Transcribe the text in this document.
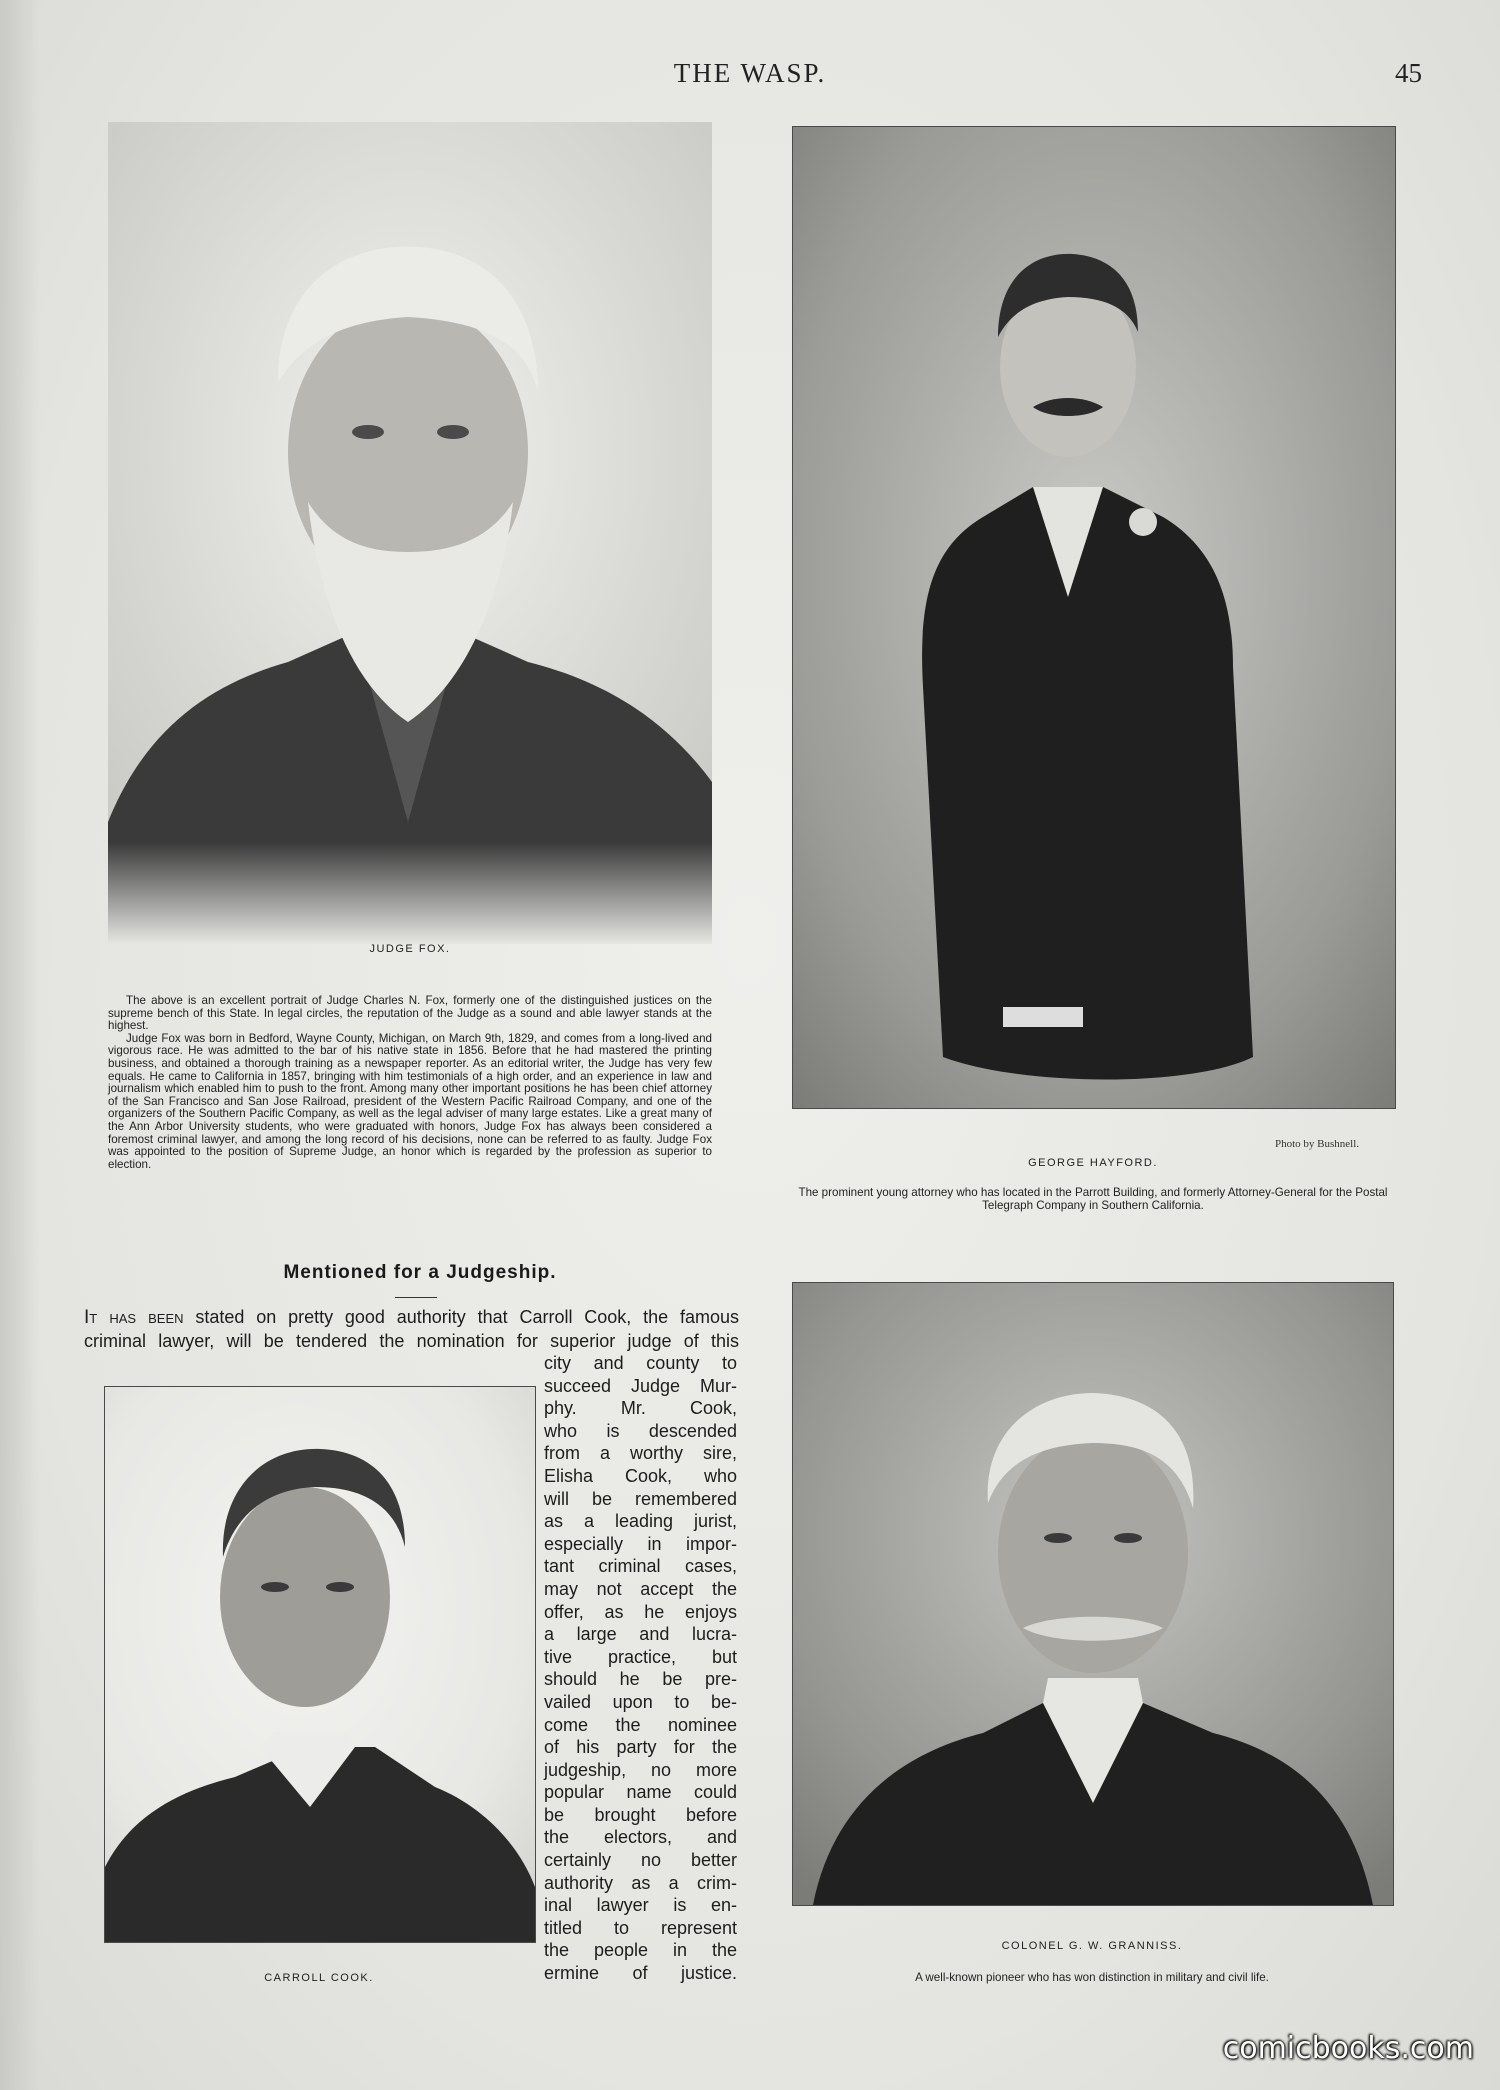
THE WASP.	45
JUDGE FOX.

The above is an excellent portrait of Judge Charles N. Fox, formerly one of the distinguished justices on the supreme bench of this State. In legal circles, the reputation of the Judge as a sound and able lawyer stands at the highest.

Judge Fox was born in Bedford, Wayne County, Michigan, on March 9th, 1829, and comes from a long-lived and vigorous race. He was admitted to the bar of his native state in 1856. Before that he had mastered the printing business, and obtained a thorough training as a newspaper reporter. As an editorial writer, the Judge has very few equals. He came to California in 1857, bringing with him testimonials of a high order, and an experience in law and journalism which enabled him to push to the front. Among many other important positions he has been chief attorney of the San Francisco and San Jose Railroad, president of the Western Pacific Railroad Company, and one of the organizers of the Southern Pacific Company, as well as the legal adviser of many large estates. Like a great many of the Ann Arbor University students, who were graduated with honors, Judge Fox has always been considered a foremost criminal lawyer, and among the long record of his decisions, none can be referred to as faulty. Judge Fox was appointed to the position of Supreme Judge, an honor which is regarded by the profession as superior to election.

Photo by Bushnell.
GEORGE HAYFORD.
The prominent young attorney who has located in the Parrott Building, and formerly Attorney-General for the Postal Telegraph Company in Southern California.
Mentioned for a Judgeship.
It has been stated on pretty good authority that Carroll Cook, the famous
criminal lawyer, will be tendered the nomination for superior judge of this
city and county to
succeed Judge Mur-
phy. Mr. Cook,
who is descended
from a worthy sire,
Elisha Cook, who
will be remembered
as a leading jurist,
especially in impor-
tant criminal cases,
may not accept the
offer, as he enjoys
a large and lucra-
tive practice, but
should he be pre-
vailed upon to be-
come the nominee
of his party for the
judgeship, no more
popular name could
be brought before
the electors, and
certainly no better
authority as a crim-
inal lawyer is en-
titled to represent
the people in the
ermine of justice.
CARROLL COOK.
COLONEL G. W. GRANNISS.
A well-known pioneer who has won distinction in military and civil life.
comicbooks.com
